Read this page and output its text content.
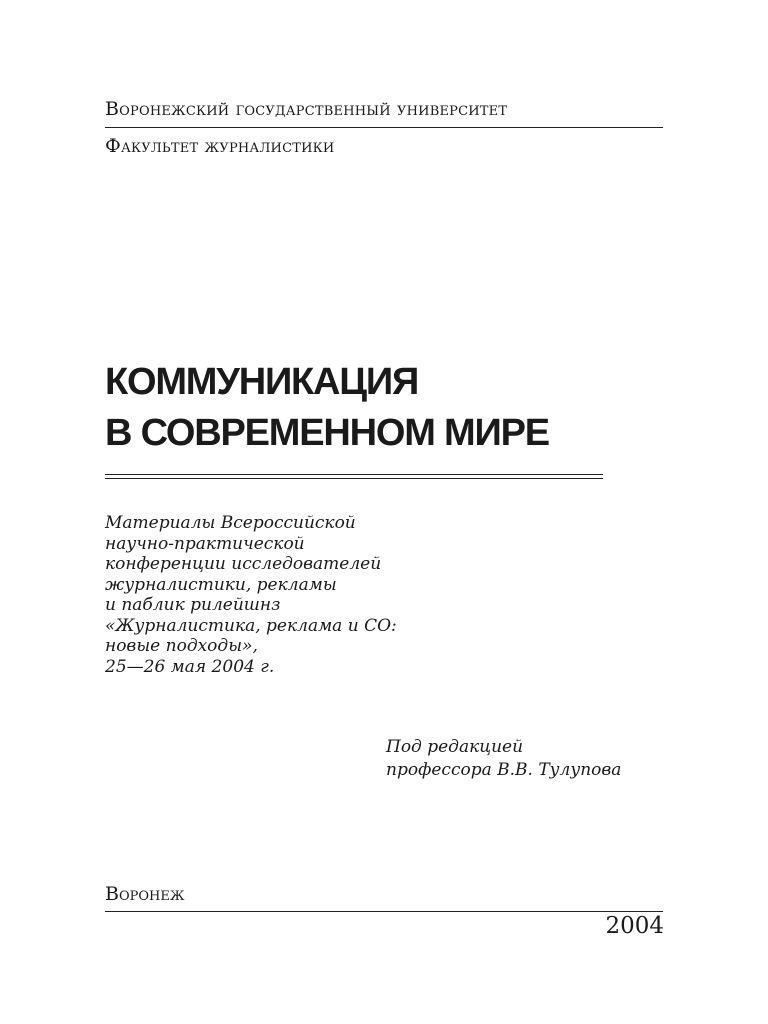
Воронежский государственный университет
Факультет журналистики
КОММУНИКАЦИЯ
В СОВРЕМЕННОМ МИРЕ
Материалы Всероссийской
научно-практической
конференции исследователей
журналистики, рекламы
и паблик рилейшнз
«Журналистика, реклама и СО:
новые подходы»,
25—26 мая 2004 г.
Под редакцией
профессора В.В. Тулупова
Воронеж
2004
